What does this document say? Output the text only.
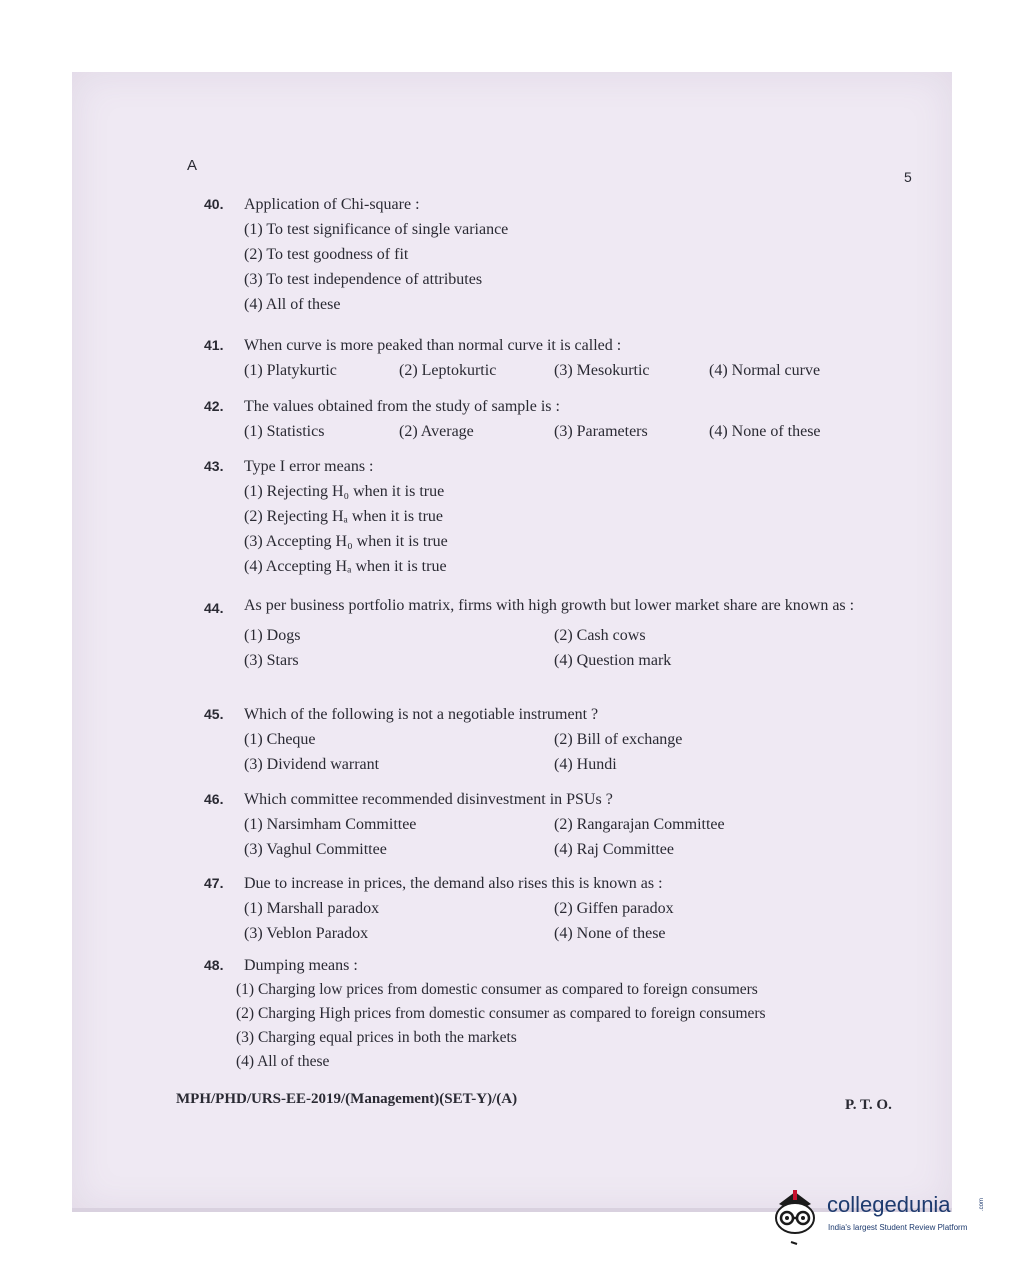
A
5
40.	Application of Chi-square :
(1) To test significance of single variance
(2) To test goodness of fit
(3) To test independence of attributes
(4) All of these
41.	When curve is more peaked than normal curve it is called :
(1) Platykurtic	(2) Leptokurtic	(3) Mesokurtic	(4) Normal curve
42.	The values obtained from the study of sample is :
(1) Statistics	(2) Average	(3) Parameters	(4) None of these
43.	Type I error means :
(1) Rejecting H₀ when it is true
(2) Rejecting Hₐ when it is true
(3) Accepting H₀ when it is true
(4) Accepting Hₐ when it is true
44.	As per business portfolio matrix, firms with high growth but lower market share are known as :
(1) Dogs	(2) Cash cows
(3) Stars	(4) Question mark
45.	Which of the following is not a negotiable instrument ?
(1) Cheque	(2) Bill of exchange
(3) Dividend warrant	(4) Hundi
46.	Which committee recommended disinvestment in PSUs ?
(1) Narsimham Committee	(2) Rangarajan Committee
(3) Vaghul Committee	(4) Raj Committee
47.	Due to increase in prices, the demand also rises this is known as :
(1) Marshall paradox	(2) Giffen paradox
(3) Veblon Paradox	(4) None of these
48.	Dumping means :
(1) Charging low prices from domestic consumer as compared to foreign consumers
(2) Charging High prices from domestic consumer as compared to foreign consumers
(3) Charging equal prices in both the markets
(4) All of these
MPH/PHD/URS-EE-2019/(Management)(SET-Y)/(A)	P. T. O.
collegedunia	.com
India's largest Student Review Platform
